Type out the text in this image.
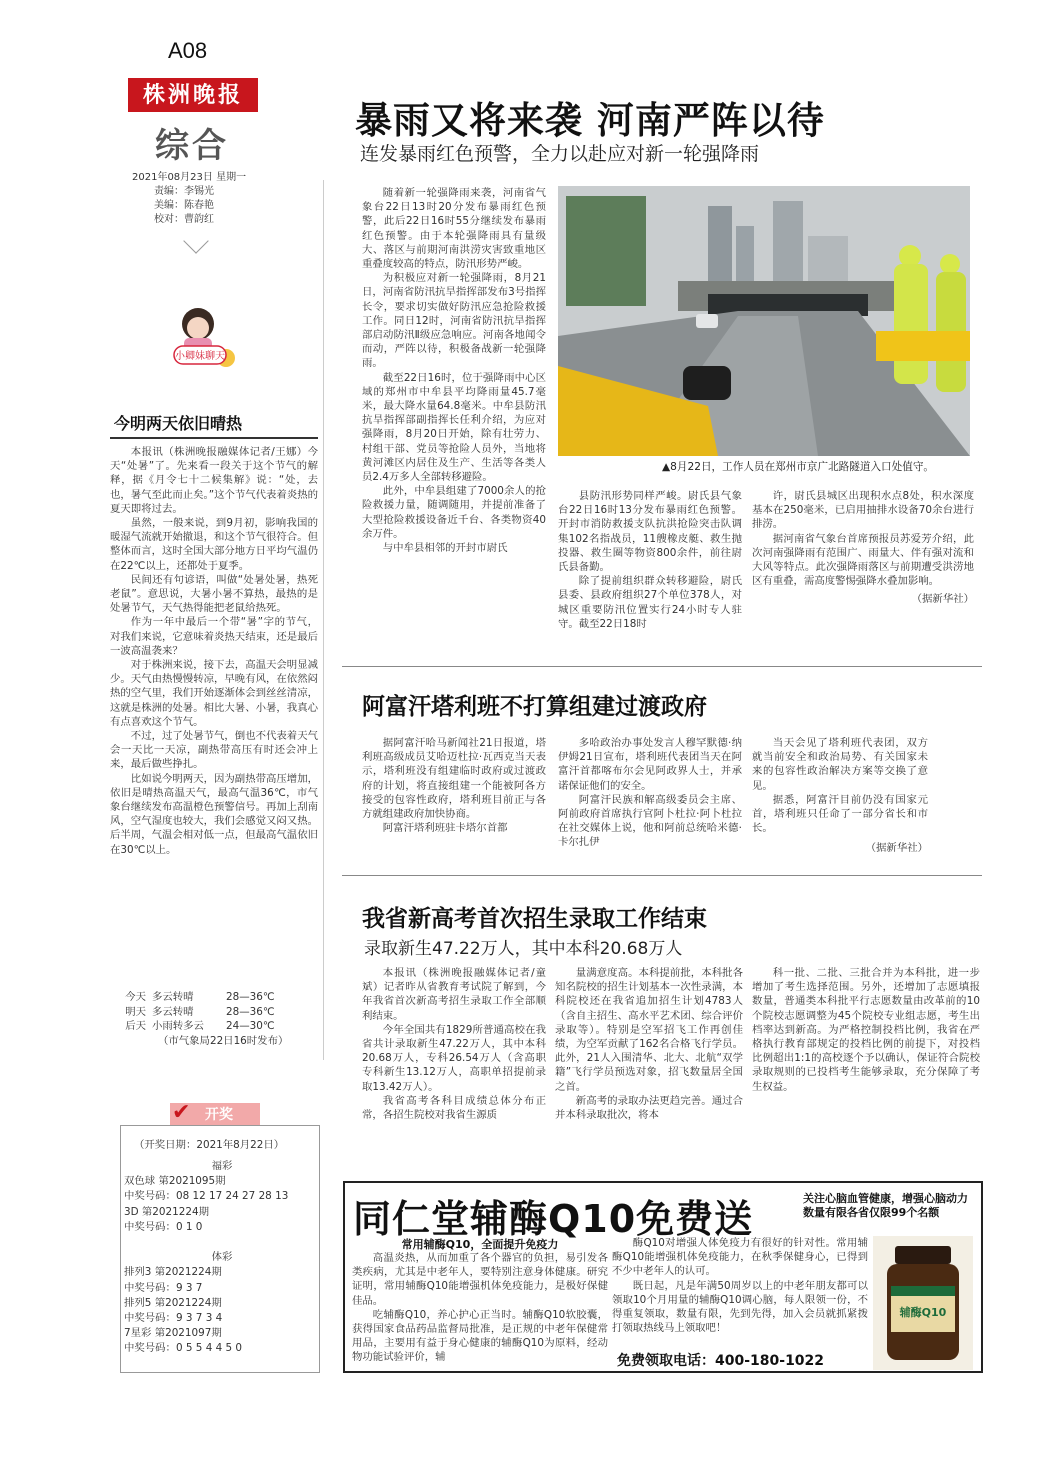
A08
株洲晚报
综合
2021年08月23日 星期一
责编：李锡光
美编：陈春艳
校对：曹韵红
小卿妹聊天
今明两天依旧晴热

本报讯（株洲晚报融媒体记者/王娜）今天“处暑”了。先来看一段关于这个节气的解释，据《月令七十二候集解》说：“处，去也，暑气至此而止矣。”这个节气代表着炎热的夏天即将过去。

虽然，一般来说，到9月初，影响我国的暖湿气流就开始撤退，和这个节气很符合。但整体而言，这时全国大部分地方日平均气温仍在22℃以上，还都处于夏季。

民间还有句谚语，叫做“处暑处暑，热死老鼠”。意思说，大暑小暑不算热，最热的是处暑节气，天气热得能把老鼠给热死。

作为一年中最后一个带“暑”字的节气，对我们来说，它意味着炎热天结束，还是最后一波高温袭来？

对于株洲来说，接下去，高温天会明显减少。天气由热慢慢转凉，早晚有风，在依然闷热的空气里，我们开始逐渐体会到丝丝清凉，这就是株洲的处暑。相比大暑、小暑，我真心有点喜欢这个节气。

不过，过了处暑节气，倒也不代表着天气会一天比一天凉，副热带高压有时还会冲上来，最后做些挣扎。

比如说今明两天，因为副热带高压增加，依旧是晴热高温天气，最高气温36℃，市气象台继续发布高温橙色预警信号。再加上刮南风，空气湿度也较大，我们会感觉又闷又热。后半周，气温会相对低一点，但最高气温依旧在30℃以上。

今天 多云转晴	28—36℃
明天 多云转晴	28—36℃
后天 小雨转多云	24—30℃
（市气象局22日16时发布）
✔ 开奖
（开奖日期：2021年8月22日）
福彩
双色球 第2021095期
中奖号码：08 12 17 24 27 28 13
3D 第2021224期
中奖号码：0 1 0

体彩
排列3 第2021224期
中奖号码：9 3 7
排列5 第2021224期
中奖号码：9 3 7 3 4
7星彩 第2021097期
中奖号码：0 5 5 4 4 5 0
暴雨又将来袭 河南严阵以待
连发暴雨红色预警，全力以赴应对新一轮强降雨

随着新一轮强降雨来袭，河南省气象台22日13时20分发布暴雨红色预警，此后22日16时55分继续发布暴雨红色预警。由于本轮强降雨具有量级大、落区与前期河南洪涝灾害致重地区重叠度较高的特点，防汛形势严峻。

为积极应对新一轮强降雨，8月21日，河南省防汛抗旱指挥部发布3号指挥长令，要求切实做好防汛应急抢险救援工作。同日12时，河南省防汛抗旱指挥部启动防汛Ⅱ级应急响应。河南各地闻令而动，严阵以待，积极备战新一轮强降雨。

截至22日16时，位于强降雨中心区域的郑州市中牟县平均降雨量45.7毫米，最大降水量64.8毫米。中牟县防汛抗旱指挥部副指挥长任利介绍，为应对强降雨，8月20日开始，除有壮劳力、村组干部、党员等抢险人员外，当地将黄河滩区内居住及生产、生活等各类人员2.4万多人全部转移避险。

此外，中牟县组建了7000余人的抢险救援力量，随调随用，并提前准备了大型抢险救援设备近千台、各类物资40余万件。

与中牟县相邻的开封市尉氏

▲8月22日，工作人员在郑州市京广北路隧道入口处值守。

县防汛形势同样严峻。尉氏县气象台22日16时13分发布暴雨红色预警。开封市消防救援支队抗洪抢险突击队调集102名指战员，11艘橡皮艇、救生抛投器、救生圈等物资800余件，前往尉氏县备勤。

除了提前组织群众转移避险，尉氏县委、县政府组织27个单位378人，对城区重要防汛位置实行24小时专人驻守。截至22日18时

许，尉氏县城区出现积水点8处，积水深度基本在250毫米，已启用抽排水设备70余台进行排涝。

据河南省气象台首席预报员苏爱芳介绍，此次河南强降雨有范围广、雨量大、伴有强对流和大风等特点。此次强降雨落区与前期遭受洪涝地区有重叠，需高度警惕强降水叠加影响。

（据新华社）

阿富汗塔利班不打算组建过渡政府

据阿富汗哈马新闻社21日报道，塔利班高级成员艾哈迈杜拉·瓦西克当天表示，塔利班没有组建临时政府或过渡政府的计划，将直接组建一个能被阿各方接受的包容性政府，塔利班目前正与各方就组建政府加快协商。

阿富汗塔利班驻卡塔尔首都

多哈政治办事处发言人穆罕默德·纳伊姆21日宣布，塔利班代表团当天在阿富汗首都喀布尔会见阿政界人士，并承诺保证他们的安全。

阿富汗民族和解高级委员会主席、阿前政府首席执行官阿卜杜拉·阿卜杜拉在社交媒体上说，他和阿前总统哈米德·卡尔扎伊

当天会见了塔利班代表团，双方就当前安全和政治局势、有关国家未来的包容性政治解决方案等交换了意见。

据悉，阿富汗目前仍没有国家元首，塔利班只任命了一部分省长和市长。

（据新华社）

我省新高考首次招生录取工作结束
录取新生47.22万人，其中本科20.68万人

本报讯（株洲晚报融媒体记者/童斌）记者昨从省教育考试院了解到，今年我省首次新高考招生录取工作全部顺利结束。

今年全国共有1829所普通高校在我省共计录取新生47.22万人，其中本科20.68万人，专科26.54万人（含高职专科新生13.12万人，高职单招提前录取13.42万人）。

我省高考各科目成绩总体分布正常，各招生院校对我省生源质

量满意度高。本科提前批，本科批各知名院校的招生计划基本一次性录满，本科院校还在我省追加招生计划4783人（含自主招生、高水平艺术团、综合评价录取等）。特别是空军招飞工作再创佳绩，为空军贡献了162名合格飞行学员。此外，21人入围清华、北大、北航“双学籍”飞行学员预选对象，招飞数量居全国之首。

新高考的录取办法更趋完善。通过合并本科录取批次，将本

科一批、二批、三批合并为本科批，进一步增加了考生选择范围。另外，还增加了志愿填报数量，普通类本科批平行志愿数量由改革前的10个院校志愿调整为45个院校专业组志愿，考生出档率达到新高。为严格控制投档比例，我省在严格执行教育部规定的投档比例的前提下，对投档比例超出1:1的高校逐个予以确认，保证符合院校录取规则的已投档考生能够录取，充分保障了考生权益。

同仁堂辅酶Q10免费送	关注心脑血管健康，增强心脑动力 数量有限各省仅限99个名额
常用辅酶Q10，全面提升免疫力

高温炎热，从而加重了各个器官的负担，易引发各类疾病，尤其是中老年人，要特别注意身体健康。研究证明，常用辅酶Q10能增强机体免疫能力，是极好保健佳品。

吃辅酶Q10，养心护心正当时。辅酶Q10软胶囊，获得国家食品药品监督局批准，是正规的中老年保健常用品，主要用有益于身心健康的辅酶Q10为原料，经动物功能试验评价，辅

酶Q10对增强人体免疫力有很好的针对性。常用辅酶Q10能增强机体免疫能力，在秋季保健身心，已得到不少中老年人的认可。

既日起，凡是年满50周岁以上的中老年朋友都可以领取10个月用量的辅酶Q10调心脑，每人限领一份，不得重复领取，数量有限，先到先得，加入会员就抓紧拨打领取热线马上领取吧！

免费领取电话：400-180-1022
辅酶Q10
